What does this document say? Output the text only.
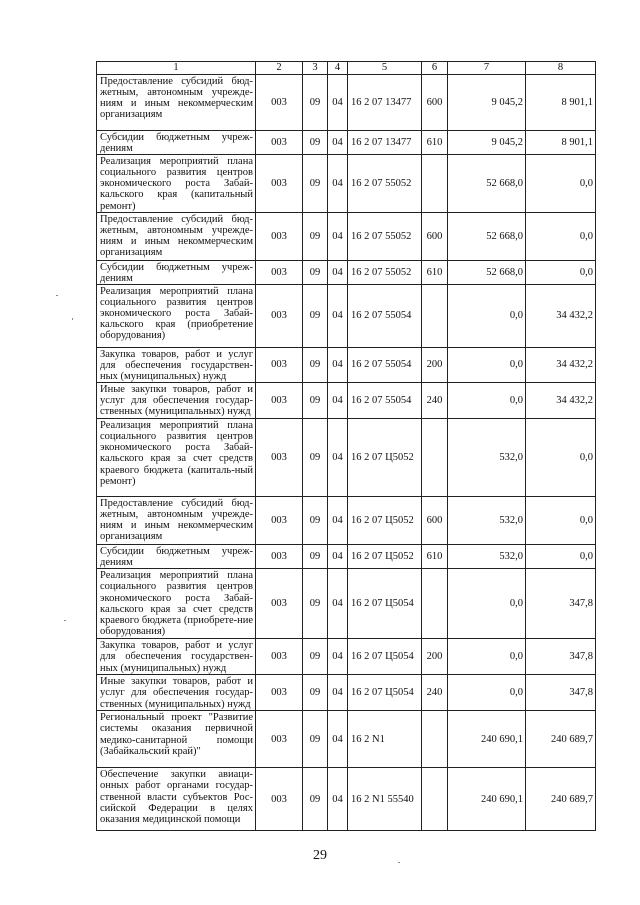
1	2	3	4	5	6	7	8
Предоставление субсидий бюд-жетным, автономным учрежде-ниям и иным некоммерческим организациям	003	09	04	16 2 07 13477	600	9 045,2	8 901,1
Субсидии бюджетным учреж-дениям	003	09	04	16 2 07 13477	610	9 045,2	8 901,1
Реализация мероприятий плана социального развития центров экономического роста Забай-кальского края (капитальный ремонт)	003	09	04	16 2 07 55052		52 668,0	0,0
Предоставление субсидий бюд-жетным, автономным учрежде-ниям и иным некоммерческим организациям	003	09	04	16 2 07 55052	600	52 668,0	0,0
Субсидии бюджетным учреж-дениям	003	09	04	16 2 07 55052	610	52 668,0	0,0
Реализация мероприятий плана социального развития центров экономического роста Забай-кальского края (приобретение оборудования)	003	09	04	16 2 07 55054		0,0	34 432,2
Закупка товаров, работ и услуг для обеспечения государствен-ных (муниципальных) нужд	003	09	04	16 2 07 55054	200	0,0	34 432,2
Иные закупки товаров, работ и услуг для обеспечения государ-ственных (муниципальных) нужд	003	09	04	16 2 07 55054	240	0,0	34 432,2
Реализация мероприятий плана социального развития центров экономического роста Забай-кальского края за счет средств краевого бюджета (капиталь-ный ремонт)	003	09	04	16 2 07 Ц5052		532,0	0,0
Предоставление субсидий бюд-жетным, автономным учрежде-ниям и иным некоммерческим организациям	003	09	04	16 2 07 Ц5052	600	532,0	0,0
Субсидии бюджетным учреж-дениям	003	09	04	16 2 07 Ц5052	610	532,0	0,0
Реализация мероприятий плана социального развития центров экономического роста Забай-кальского края за счет средств краевого бюджета (приобрете-ние оборудования)	003	09	04	16 2 07 Ц5054		0,0	347,8
Закупка товаров, работ и услуг для обеспечения государствен-ных (муниципальных) нужд	003	09	04	16 2 07 Ц5054	200	0,0	347,8
Иные закупки товаров, работ и услуг для обеспечения государ-ственных (муниципальных) нужд	003	09	04	16 2 07 Ц5054	240	0,0	347,8
Региональный проект "Развитие системы оказания первичной медико-санитарной помощи (Забайкальский край)"	003	09	04	16 2 N1		240 690,1	240 689,7
Обеспечение закупки авиаци-онных работ органами государ-ственной власти субъектов Рос-сийской Федерации в целях оказания медицинской помощи	003	09	04	16 2 N1 55540		240 690,1	240 689,7
29
